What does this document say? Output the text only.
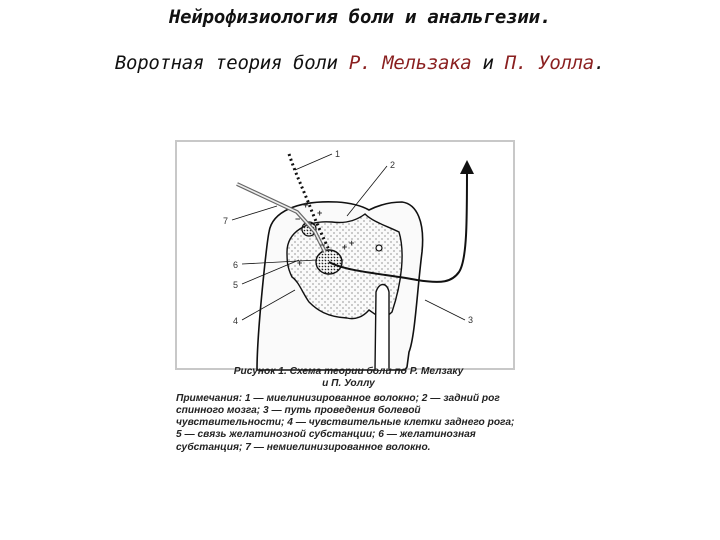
Нейрофизиология боли и анальгезии.
Воротная теория боли Р. Мельзака и П. Уолла.
1
2
3
4
5
6
7
+
+
−
− + +
+
Рисунок 1. Схема теории боли по Р. Мелзаку
и П. Уоллу
Примечания: 1 — миелинизированное волокно; 2 — задний рог спинного мозга; 3 — путь проведения болевой чувствительности; 4 — чувствительные клетки заднего рога; 5 — связь желатинозной субстанции; 6 — желатинозная субстанция; 7 — немиелинизированное волокно.
